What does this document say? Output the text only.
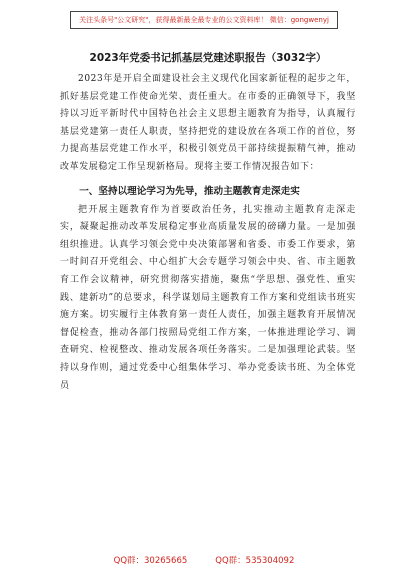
关注头条号"公文研究"，获得最新最全最专业的公文资料库！ 微信：gongwenyj
2023年党委书记抓基层党建述职报告（3032字）

2023年是开启全面建设社会主义现代化国家新征程的起步之年，抓好基层党建工作使命光荣、责任重大。在市委的正确领导下，我坚持以习近平新时代中国特色社会主义思想主题教育为指导，认真履行基层党建第一责任人职责，坚持把党的建设放在各项工作的首位，努力提高基层党建工作水平，积极引领党员干部持续提振精气神，推动改革发展稳定工作呈现新格局。现将主要工作情况报告如下：

一、坚持以理论学习为先导，推动主题教育走深走实

把开展主题教育作为首要政治任务，扎实推动主题教育走深走实，凝聚起推动改革发展稳定事业高质量发展的磅礴力量。一是加强组织推进。认真学习领会党中央决策部署和省委、市委工作要求，第一时间召开党组会、中心组扩大会专题学习领会中央、省、市主题教育工作会议精神，研究贯彻落实措施，聚焦“学思想、强党性、重实践、建新功”的总要求，科学谋划局主题教育工作方案和党组读书班实施方案。切实履行主体教育第一责任人责任，加强主题教育开展情况督促检查，推动各部门按照局党组工作方案，一体推进理论学习、调查研究、检视整改、推动发展各项任务落实。二是加强理论武装。坚持以身作则，通过党委中心组集体学习、举办党委读书班、为全体党员

QQ群：30265665	QQ群：535304092
